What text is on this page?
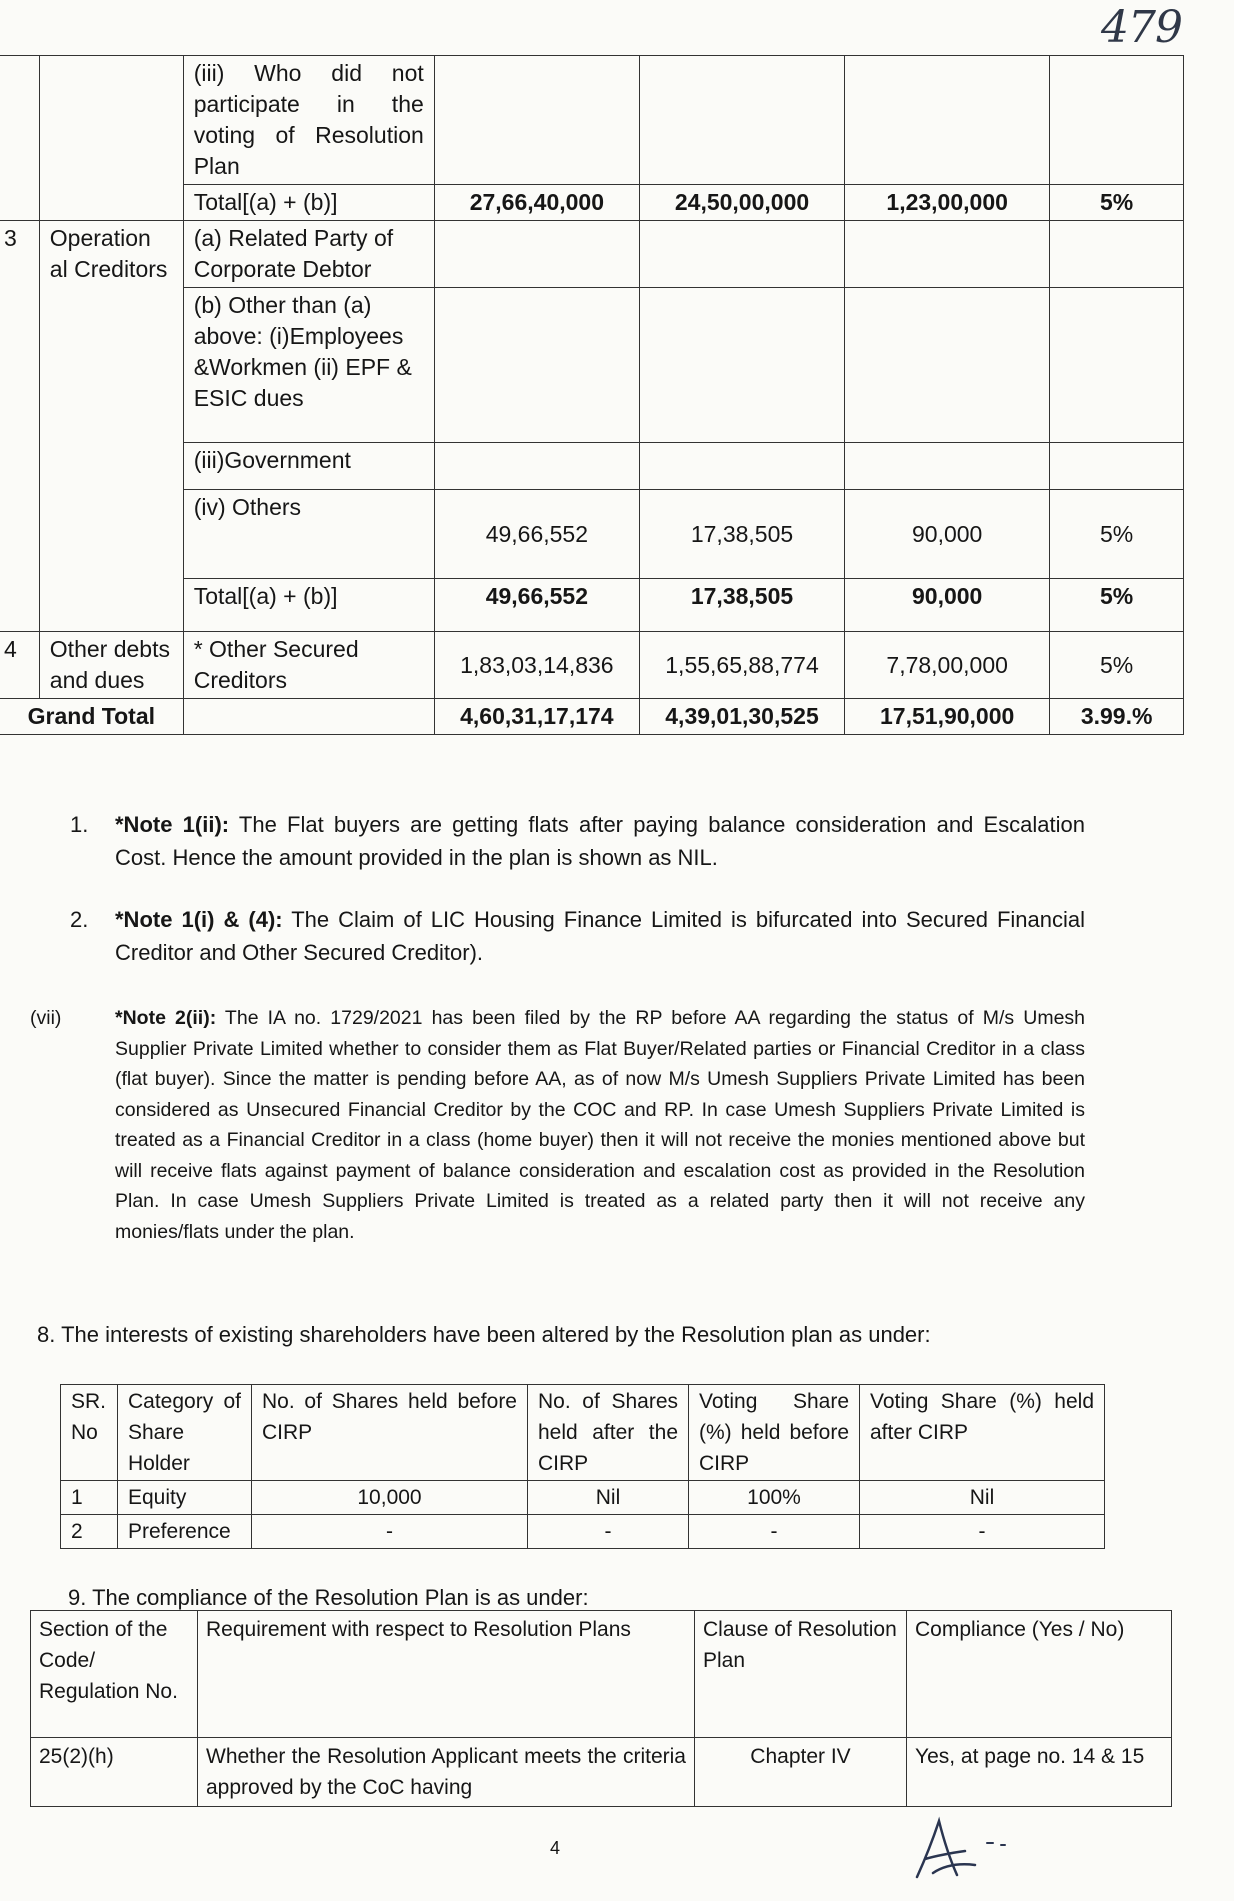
479
		(iii) Who did not participate in the voting of Resolution Plan				
		Total[(a) + (b)]	27,66,40,000	24,50,00,000	1,23,00,000	5%
3	Operation al Creditors	(a) Related Party of Corporate Debtor				
		(b) Other than (a) above: (i)Employees &Workmen (ii) EPF & ESIC dues				
		(iii)Government				
		(iv) Others	49,66,552	17,38,505	90,000	5%
		Total[(a) + (b)]	49,66,552	17,38,505	90,000	5%
4	Other debts and dues	* Other Secured Creditors	1,83,03,14,836	1,55,65,88,774	7,78,00,000	5%
Grand Total			4,60,31,17,174	4,39,01,30,525	17,51,90,000	3.99.%
1. *Note 1(ii): The Flat buyers are getting flats after paying balance consideration and Escalation Cost. Hence the amount provided in the plan is shown as NIL.
2. *Note 1(i) & (4): The Claim of LIC Housing Finance Limited is bifurcated into Secured Financial Creditor and Other Secured Creditor).
(vii)	*Note 2(ii): The IA no. 1729/2021 has been filed by the RP before AA regarding the status of M/s Umesh Supplier Private Limited whether to consider them as Flat Buyer/Related parties or Financial Creditor in a class (flat buyer). Since the matter is pending before AA, as of now M/s Umesh Suppliers Private Limited has been considered as Unsecured Financial Creditor by the COC and RP. In case Umesh Suppliers Private Limited is treated as a Financial Creditor in a class (home buyer) then it will not receive the monies mentioned above but will receive flats against payment of balance consideration and escalation cost as provided in the Resolution Plan. In case Umesh Suppliers Private Limited is treated as a related party then it will not receive any monies/flats under the plan.
8. The interests of existing shareholders have been altered by the Resolution plan as under:
SR. No	Category of Share Holder	No. of Shares held before CIRP	No. of Shares held after the CIRP	Voting Share (%) held before CIRP	Voting Share (%) held after CIRP
1	Equity	10,000	Nil	100%	Nil
2	Preference	-	-	-	-
9. The compliance of the Resolution Plan is as under:
Section of the Code/ Regulation No.	Requirement with respect to Resolution Plans	Clause of Resolution Plan	Compliance (Yes / No)
25(2)(h)	Whether the Resolution Applicant meets the criteria approved by the CoC having	Chapter IV	Yes, at page no. 14 & 15
4
